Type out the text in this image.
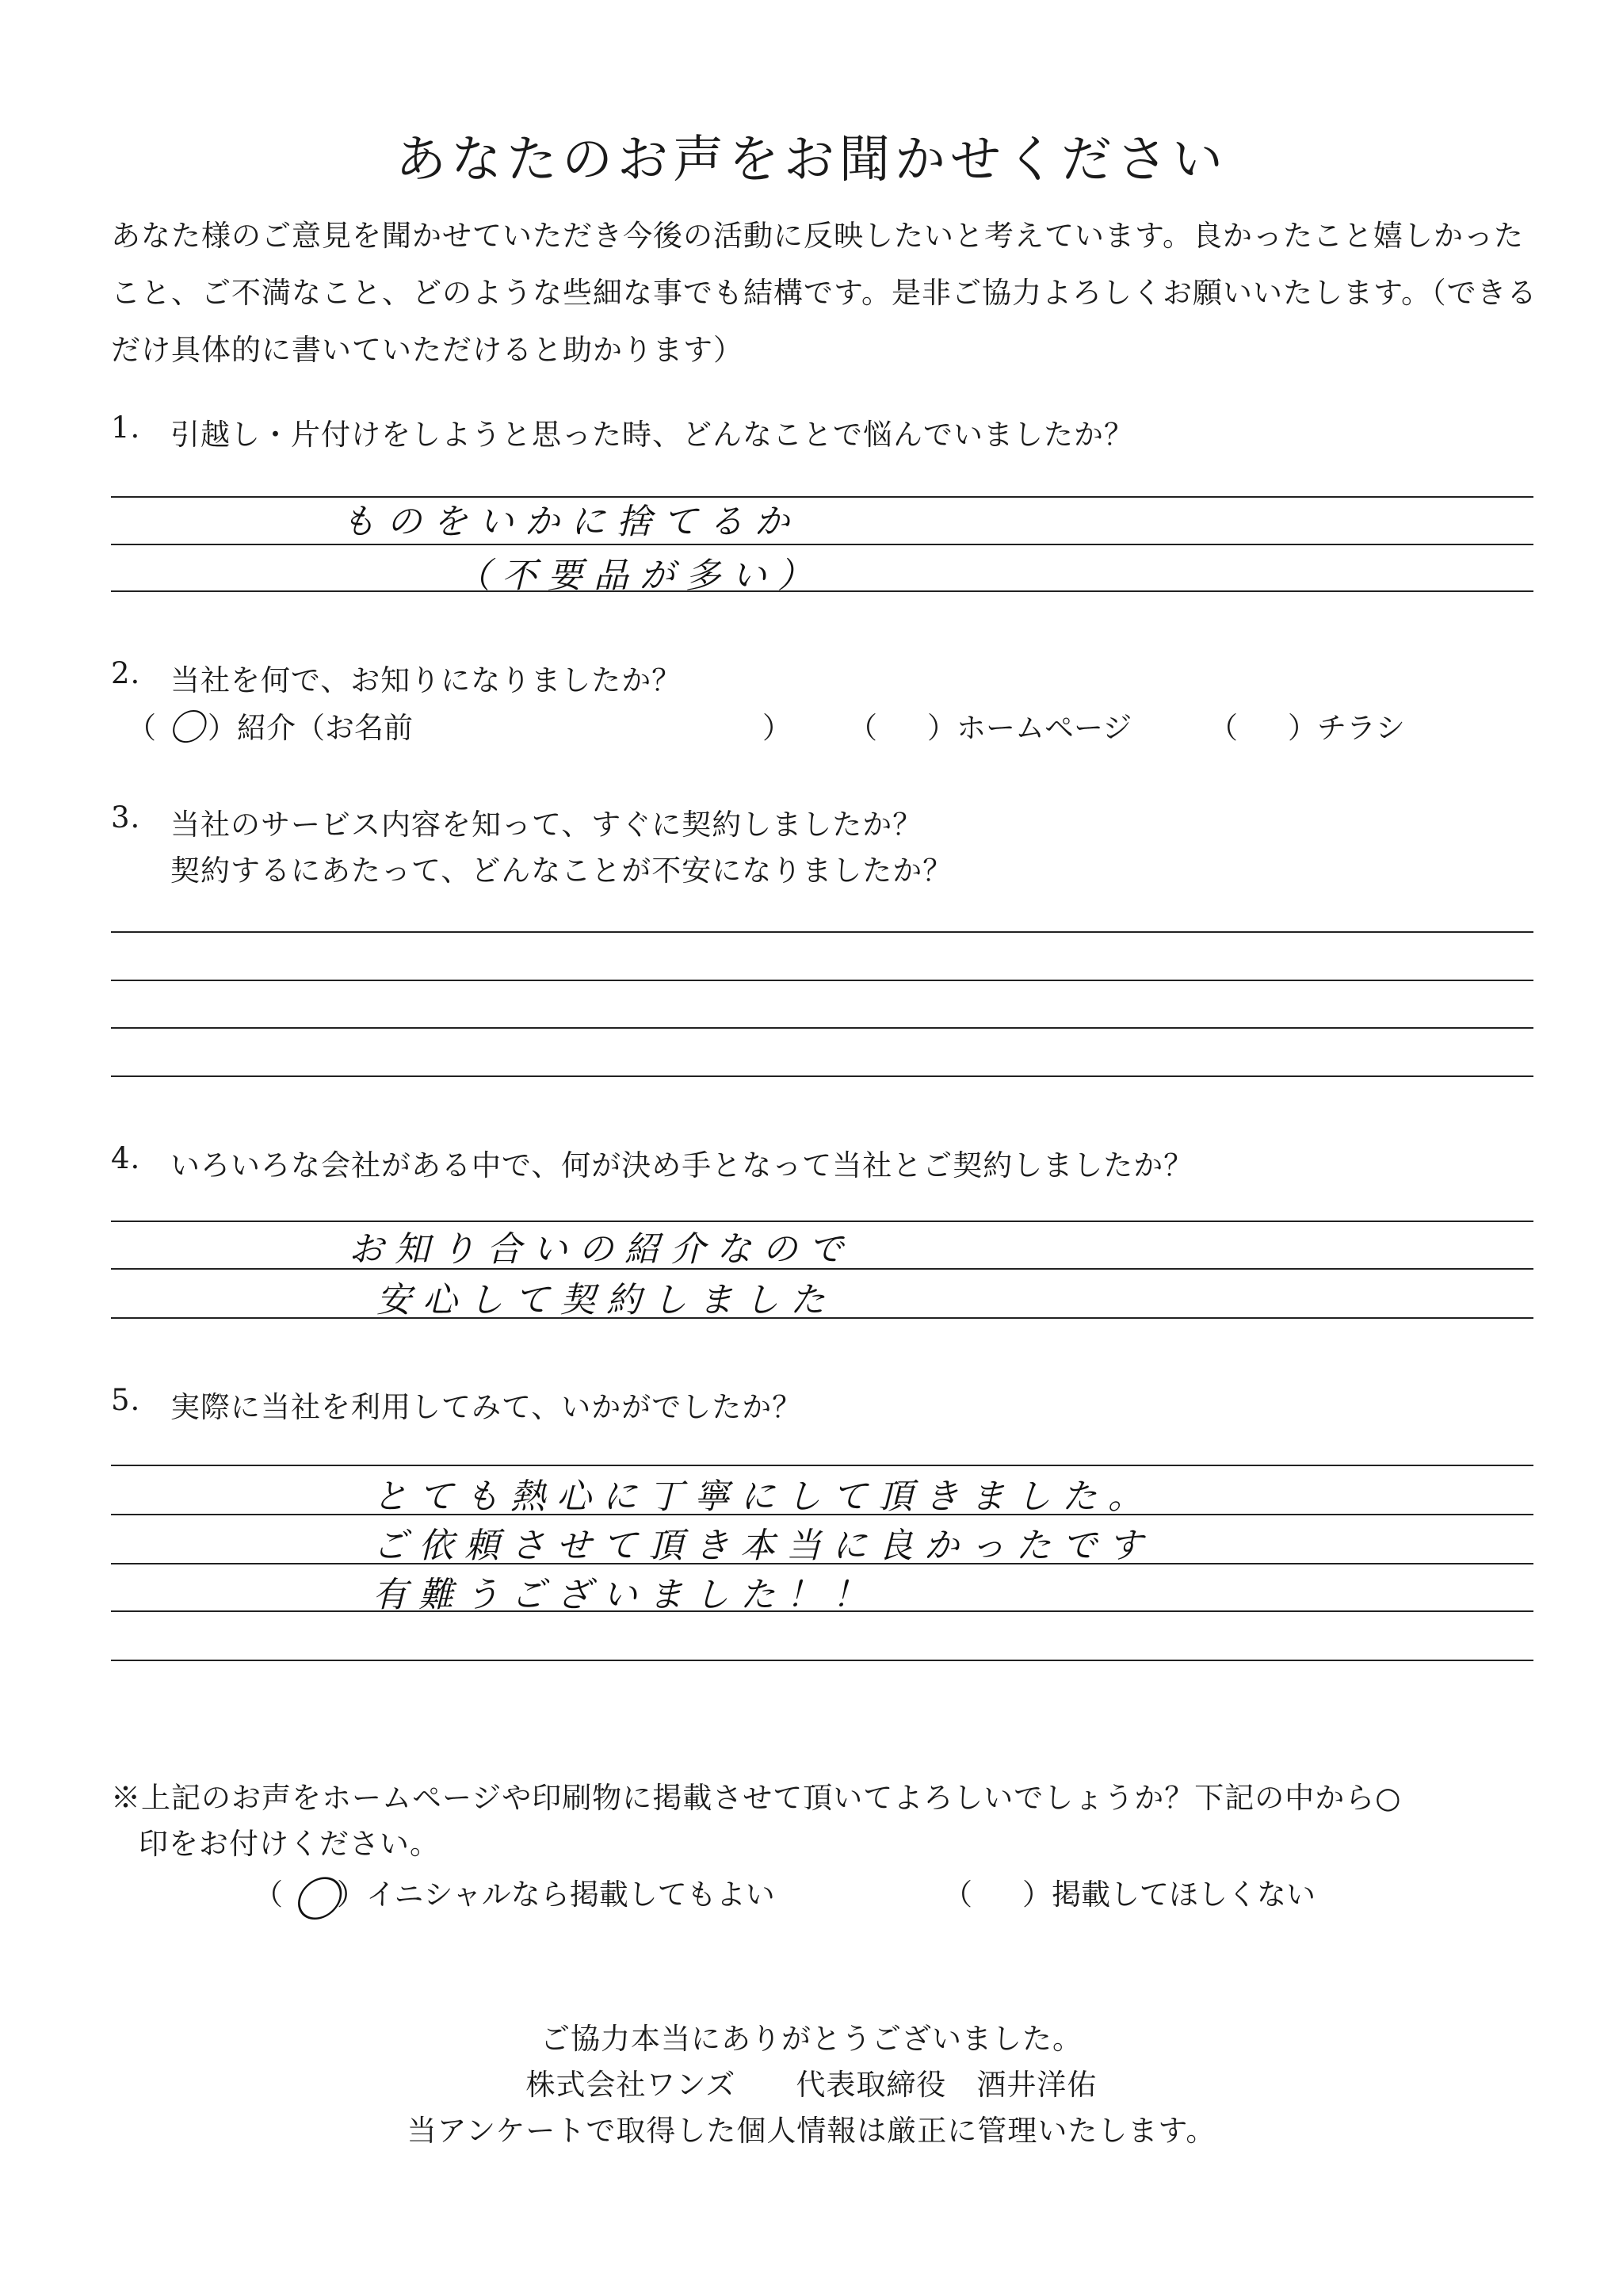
あなたのお声をお聞かせください
あなた様のご意見を聞かせていただき今後の活動に反映したいと考えています。良かったこと嬉しかったこと、ご不満なこと、どのような些細な事でも結構です。是非ご協力よろしくお願いいたします。（できるだけ具体的に書いていただけると助かります）
1. 引越し・片付けをしようと思った時、どんなことで悩んでいましたか？
ものをいかに捨てるか
（不要品が多い）
2. 当社を何で、お知りになりましたか？
（ 〇 ）紹介（お名前	） （ ）ホームページ	（ ）チラシ
3. 当社のサービス内容を知って、すぐに契約しましたか？
契約するにあたって、どんなことが不安になりましたか？
4. いろいろな会社がある中で、何が決め手となって当社とご契約しましたか？
お知り合いの紹介なので
安心して契約しました
5. 実際に当社を利用してみて、いかがでしたか？
とても熱心に丁寧にして頂きました。
ご依頼させて頂き本当に良かったです
有難うございました！！
※上記のお声をホームページや印刷物に掲載させて頂いてよろしいでしょうか？下記の中から○
印をお付けください。
（ 〇
）イニシャルなら掲載してもよい	（ ）掲載してほしくない
ご協力本当にありがとうございました。
株式会社ワンズ　　代表取締役　酒井洋佑
当アンケートで取得した個人情報は厳正に管理いたします。
